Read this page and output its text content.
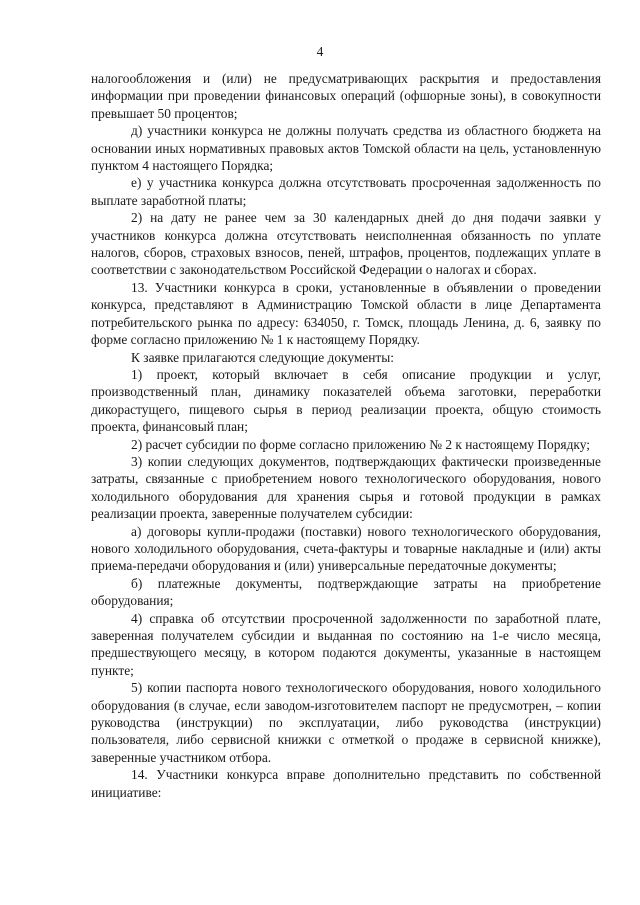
4

налогообложения и (или) не предусматривающих раскрытия и предоставления информации при проведении финансовых операций (офшорные зоны), в совокупности превышает 50 процентов;

д) участники конкурса не должны получать средства из областного бюджета на основании иных нормативных правовых актов Томской области на цель, установленную пунктом 4 настоящего Порядка;

е) у участника конкурса должна отсутствовать просроченная задолженность по выплате заработной платы;

2) на дату не ранее чем за 30 календарных дней до дня подачи заявки у участников конкурса должна отсутствовать неисполненная обязанность по уплате налогов, сборов, страховых взносов, пеней, штрафов, процентов, подлежащих уплате в соответствии с законодательством Российской Федерации о налогах и сборах.

13. Участники конкурса в сроки, установленные в объявлении о проведении конкурса, представляют в Администрацию Томской области в лице Департамента потребительского рынка по адресу: 634050, г. Томск, площадь Ленина, д. 6, заявку по форме согласно приложению № 1 к настоящему Порядку.

К заявке прилагаются следующие документы:

1) проект, который включает в себя описание продукции и услуг, производственный план, динамику показателей объема заготовки, переработки дикорастущего, пищевого сырья в период реализации проекта, общую стоимость проекта, финансовый план;

2) расчет субсидии по форме согласно приложению № 2 к настоящему Порядку;

3) копии следующих документов, подтверждающих фактически произведенные затраты, связанные с приобретением нового технологического оборудования, нового холодильного оборудования для хранения сырья и готовой продукции в рамках реализации проекта, заверенные получателем субсидии:

а) договоры купли-продажи (поставки) нового технологического оборудования, нового холодильного оборудования, счета-фактуры и товарные накладные и (или) акты приема-передачи оборудования и (или) универсальные передаточные документы;

б) платежные документы, подтверждающие затраты на приобретение оборудования;

4) справка об отсутствии просроченной задолженности по заработной плате, заверенная получателем субсидии и выданная по состоянию на 1-е число месяца, предшествующего месяцу, в котором подаются документы, указанные в настоящем пункте;

5) копии паспорта нового технологического оборудования, нового холодильного оборудования (в случае, если заводом-изготовителем паспорт не предусмотрен, – копии руководства (инструкции) по эксплуатации, либо руководства (инструкции) пользователя, либо сервисной книжки с отметкой о продаже в сервисной книжке), заверенные участником отбора.

14. Участники конкурса вправе дополнительно представить по собственной инициативе:
